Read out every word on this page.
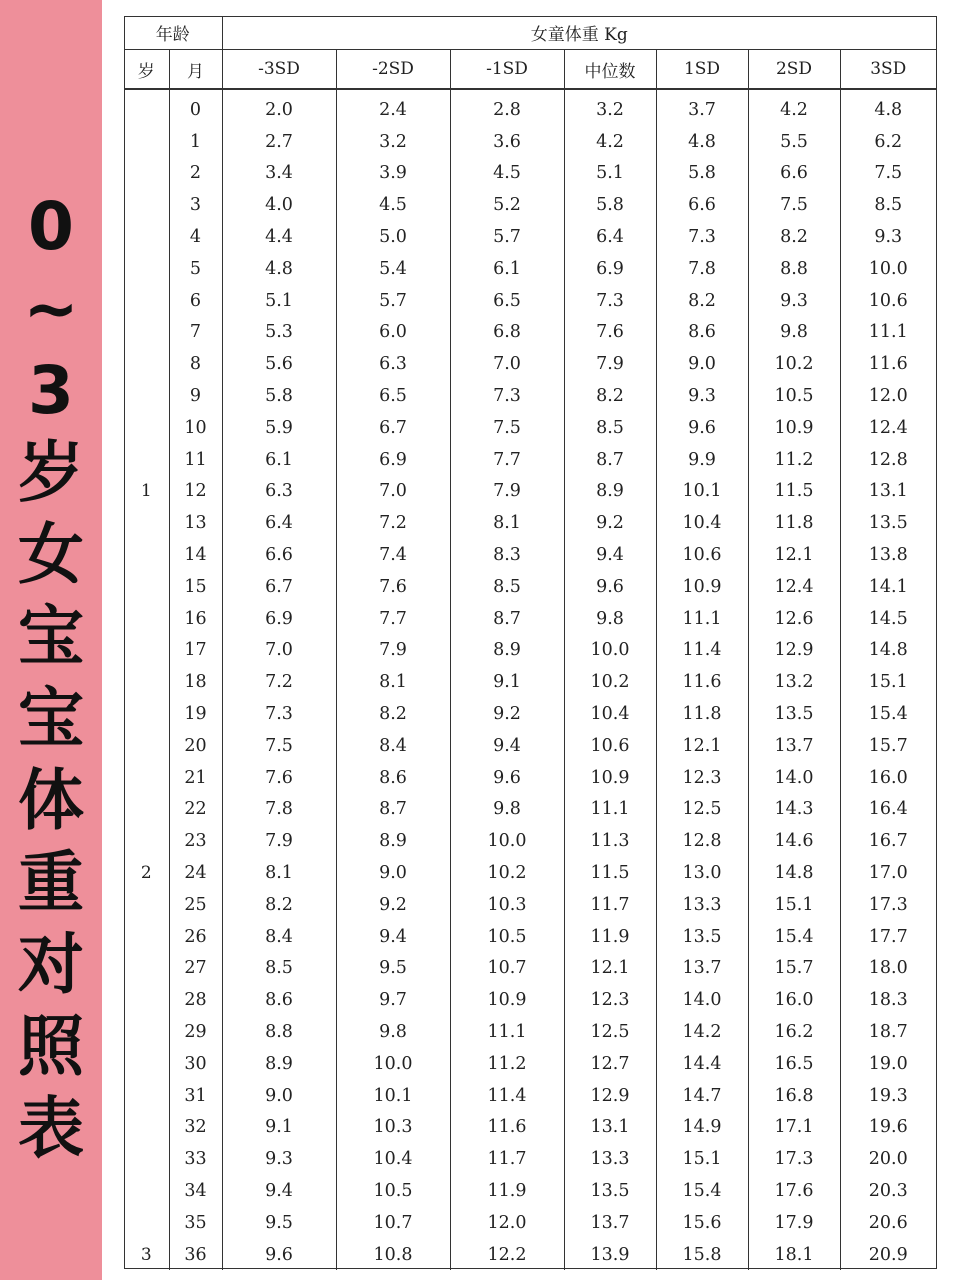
0
~
3
岁
女
宝
宝
体
重
对
照
表
年龄		女童体重 Kg						
岁	月	-3SD	-2SD	-1SD	中位数	1SD	2SD	3SD
	0	2.0	2.4	2.8	3.2	3.7	4.2	4.8
	1	2.7	3.2	3.6	4.2	4.8	5.5	6.2
	2	3.4	3.9	4.5	5.1	5.8	6.6	7.5
	3	4.0	4.5	5.2	5.8	6.6	7.5	8.5
	4	4.4	5.0	5.7	6.4	7.3	8.2	9.3
	5	4.8	5.4	6.1	6.9	7.8	8.8	10.0
	6	5.1	5.7	6.5	7.3	8.2	9.3	10.6
	7	5.3	6.0	6.8	7.6	8.6	9.8	11.1
	8	5.6	6.3	7.0	7.9	9.0	10.2	11.6
	9	5.8	6.5	7.3	8.2	9.3	10.5	12.0
	10	5.9	6.7	7.5	8.5	9.6	10.9	12.4
	11	6.1	6.9	7.7	8.7	9.9	11.2	12.8
1	12	6.3	7.0	7.9	8.9	10.1	11.5	13.1
	13	6.4	7.2	8.1	9.2	10.4	11.8	13.5
	14	6.6	7.4	8.3	9.4	10.6	12.1	13.8
	15	6.7	7.6	8.5	9.6	10.9	12.4	14.1
	16	6.9	7.7	8.7	9.8	11.1	12.6	14.5
	17	7.0	7.9	8.9	10.0	11.4	12.9	14.8
	18	7.2	8.1	9.1	10.2	11.6	13.2	15.1
	19	7.3	8.2	9.2	10.4	11.8	13.5	15.4
	20	7.5	8.4	9.4	10.6	12.1	13.7	15.7
	21	7.6	8.6	9.6	10.9	12.3	14.0	16.0
	22	7.8	8.7	9.8	11.1	12.5	14.3	16.4
	23	7.9	8.9	10.0	11.3	12.8	14.6	16.7
2	24	8.1	9.0	10.2	11.5	13.0	14.8	17.0
	25	8.2	9.2	10.3	11.7	13.3	15.1	17.3
	26	8.4	9.4	10.5	11.9	13.5	15.4	17.7
	27	8.5	9.5	10.7	12.1	13.7	15.7	18.0
	28	8.6	9.7	10.9	12.3	14.0	16.0	18.3
	29	8.8	9.8	11.1	12.5	14.2	16.2	18.7
	30	8.9	10.0	11.2	12.7	14.4	16.5	19.0
	31	9.0	10.1	11.4	12.9	14.7	16.8	19.3
	32	9.1	10.3	11.6	13.1	14.9	17.1	19.6
	33	9.3	10.4	11.7	13.3	15.1	17.3	20.0
	34	9.4	10.5	11.9	13.5	15.4	17.6	20.3
	35	9.5	10.7	12.0	13.7	15.6	17.9	20.6
3	36	9.6	10.8	12.2	13.9	15.8	18.1	20.9
